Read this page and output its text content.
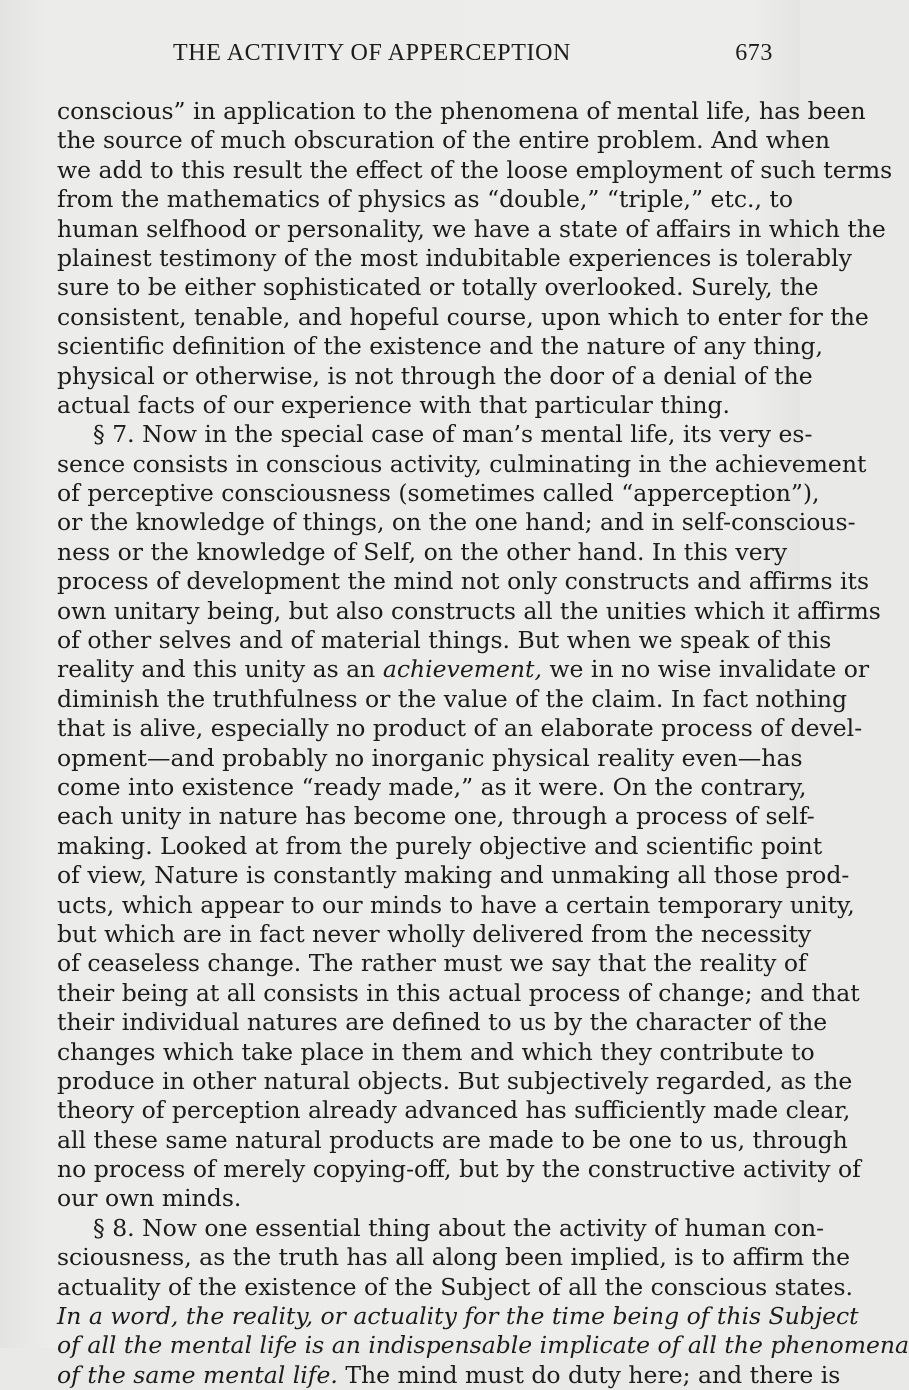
THE ACTIVITY OF APPERCEPTION	673
conscious” in application to the phenomena of mental life, has been
the source of much obscuration of the entire problem. And when
we add to this result the effect of the loose employment of such terms
from the mathematics of physics as “double,” “triple,” etc., to
human selfhood or personality, we have a state of affairs in which the
plainest testimony of the most indubitable experiences is tolerably
sure to be either sophisticated or totally overlooked. Surely, the
consistent, tenable, and hopeful course, upon which to enter for the
scientific definition of the existence and the nature of any thing,
physical or otherwise, is not through the door of a denial of the
actual facts of our experience with that particular thing.
§ 7. Now in the special case of man’s mental life, its very es-
sence consists in conscious activity, culminating in the achievement
of perceptive consciousness (sometimes called “apperception”),
or the knowledge of things, on the one hand; and in self-conscious-
ness or the knowledge of Self, on the other hand. In this very
process of development the mind not only constructs and affirms its
own unitary being, but also constructs all the unities which it affirms
of other selves and of material things. But when we speak of this
reality and this unity as an achievement, we in no wise invalidate or
diminish the truthfulness or the value of the claim. In fact nothing
that is alive, especially no product of an elaborate process of devel-
opment—and probably no inorganic physical reality even—has
come into existence “ready made,” as it were. On the contrary,
each unity in nature has become one, through a process of self-
making. Looked at from the purely objective and scientific point
of view, Nature is constantly making and unmaking all those prod-
ucts, which appear to our minds to have a certain temporary unity,
but which are in fact never wholly delivered from the necessity
of ceaseless change. The rather must we say that the reality of
their being at all consists in this actual process of change; and that
their individual natures are defined to us by the character of the
changes which take place in them and which they contribute to
produce in other natural objects. But subjectively regarded, as the
theory of perception already advanced has sufficiently made clear,
all these same natural products are made to be one to us, through
no process of merely copying-off, but by the constructive activity of
our own minds.
§ 8. Now one essential thing about the activity of human con-
sciousness, as the truth has all along been implied, is to affirm the
actuality of the existence of the Subject of all the conscious states.
In a word, the reality, or actuality for the time being of this Subject
of all the mental life is an indispensable implicate of all the phenomena
of the same mental life. The mind must do duty here; and there is
